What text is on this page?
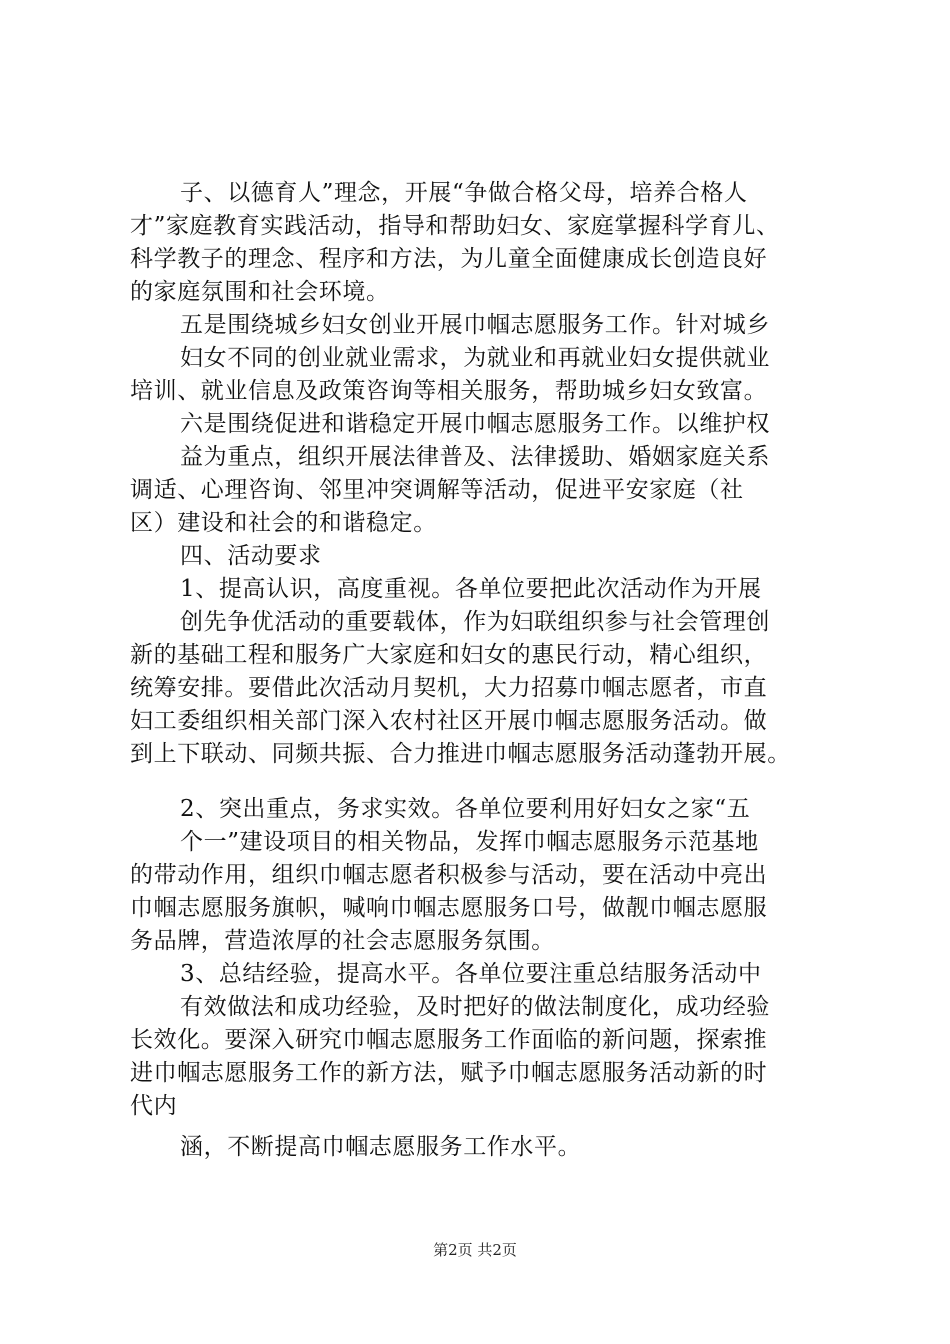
子、以德育人”理念，开展“争做合格父母，培养合格人
才”家庭教育实践活动，指导和帮助妇女、家庭掌握科学育儿、
科学教子的理念、程序和方法，为儿童全面健康成长创造良好
的家庭氛围和社会环境。
五是围绕城乡妇女创业开展巾帼志愿服务工作。针对城乡
妇女不同的创业就业需求，为就业和再就业妇女提供就业
培训、就业信息及政策咨询等相关服务，帮助城乡妇女致富。
六是围绕促进和谐稳定开展巾帼志愿服务工作。以维护权
益为重点，组织开展法律普及、法律援助、婚姻家庭关系
调适、心理咨询、邻里冲突调解等活动，促进平安家庭（社
区）建设和社会的和谐稳定。
四、活动要求
1、提高认识，高度重视。各单位要把此次活动作为开展
创先争优活动的重要载体，作为妇联组织参与社会管理创
新的基础工程和服务广大家庭和妇女的惠民行动，精心组织，
统筹安排。要借此次活动月契机，大力招募巾帼志愿者，市直
妇工委组织相关部门深入农村社区开展巾帼志愿服务活动。做
到上下联动、同频共振、合力推进巾帼志愿服务活动蓬勃开展。
2、突出重点，务求实效。各单位要利用好妇女之家“五
个一”建设项目的相关物品，发挥巾帼志愿服务示范基地
的带动作用，组织巾帼志愿者积极参与活动，要在活动中亮出
巾帼志愿服务旗帜，喊响巾帼志愿服务口号，做靓巾帼志愿服
务品牌，营造浓厚的社会志愿服务氛围。
3、总结经验，提高水平。各单位要注重总结服务活动中
有效做法和成功经验，及时把好的做法制度化，成功经验
长效化。要深入研究巾帼志愿服务工作面临的新问题，探索推
进巾帼志愿服务工作的新方法，赋予巾帼志愿服务活动新的时
代内
涵，不断提高巾帼志愿服务工作水平。
第2页 共2页
